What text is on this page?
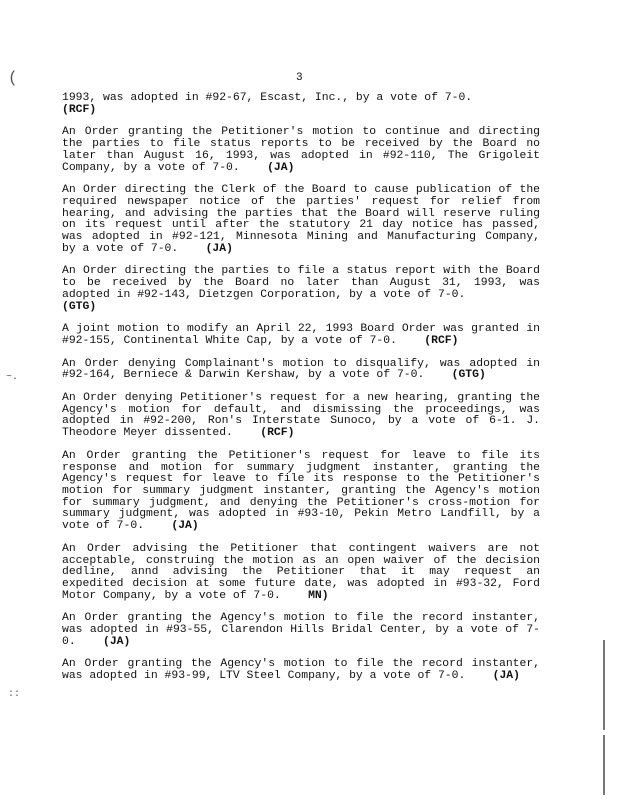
(
~.
::
3

1993, was adopted in #92-67, Escast, Inc., by a vote of 7-0.
(RCF)

An Order granting the Petitioner's motion to continue and directing the parties to file status reports to be received by the Board no later than August 16, 1993, was adopted in #92-110, The Grigoleit Company, by a vote of 7-0. (JA)

An Order directing the Clerk of the Board to cause publication of the required newspaper notice of the parties' request for relief from hearing, and advising the parties that the Board will reserve ruling on its request until after the statutory 21 day notice has passed, was adopted in #92-121, Minnesota Mining and Manufacturing Company, by a vote of 7-0. (JA)

An Order directing the parties to file a status report with the Board to be received by the Board no later than August 31, 1993, was adopted in #92-143, Dietzgen Corporation, by a vote of 7-0.
(GTG)

A joint motion to modify an April 22, 1993 Board Order was granted in #92-155, Continental White Cap, by a vote of 7-0. (RCF)

An Order denying Complainant's motion to disqualify, was adopted in #92-164, Berniece & Darwin Kershaw, by a vote of 7-0. (GTG)

An Order denying Petitioner's request for a new hearing, granting the Agency's motion for default, and dismissing the proceedings, was adopted in #92-200, Ron's Interstate Sunoco, by a vote of 6-1. J. Theodore Meyer dissented. (RCF)

An Order granting the Petitioner's request for leave to file its response and motion for summary judgment instanter, granting the Agency's request for leave to file its response to the Petitioner's motion for summary judgment instanter, granting the Agency's motion for summary judgment, and denying the Petitioner's cross-motion for summary judgment, was adopted in #93-10, Pekin Metro Landfill, by a vote of 7-0. (JA)

An Order advising the Petitioner that contingent waivers are not acceptable, construing the motion as an open waiver of the decision dedline, annd advising the Petitioner that it may request an expedited decision at some future date, was adopted in #93-32, Ford Motor Company, by a vote of 7-0. MN)

An Order granting the Agency's motion to file the record instanter, was adopted in #93-55, Clarendon Hills Bridal Center, by a vote of 7-0. (JA)

An Order granting the Agency's motion to file the record instanter, was adopted in #93-99, LTV Steel Company, by a vote of 7-0. (JA)
